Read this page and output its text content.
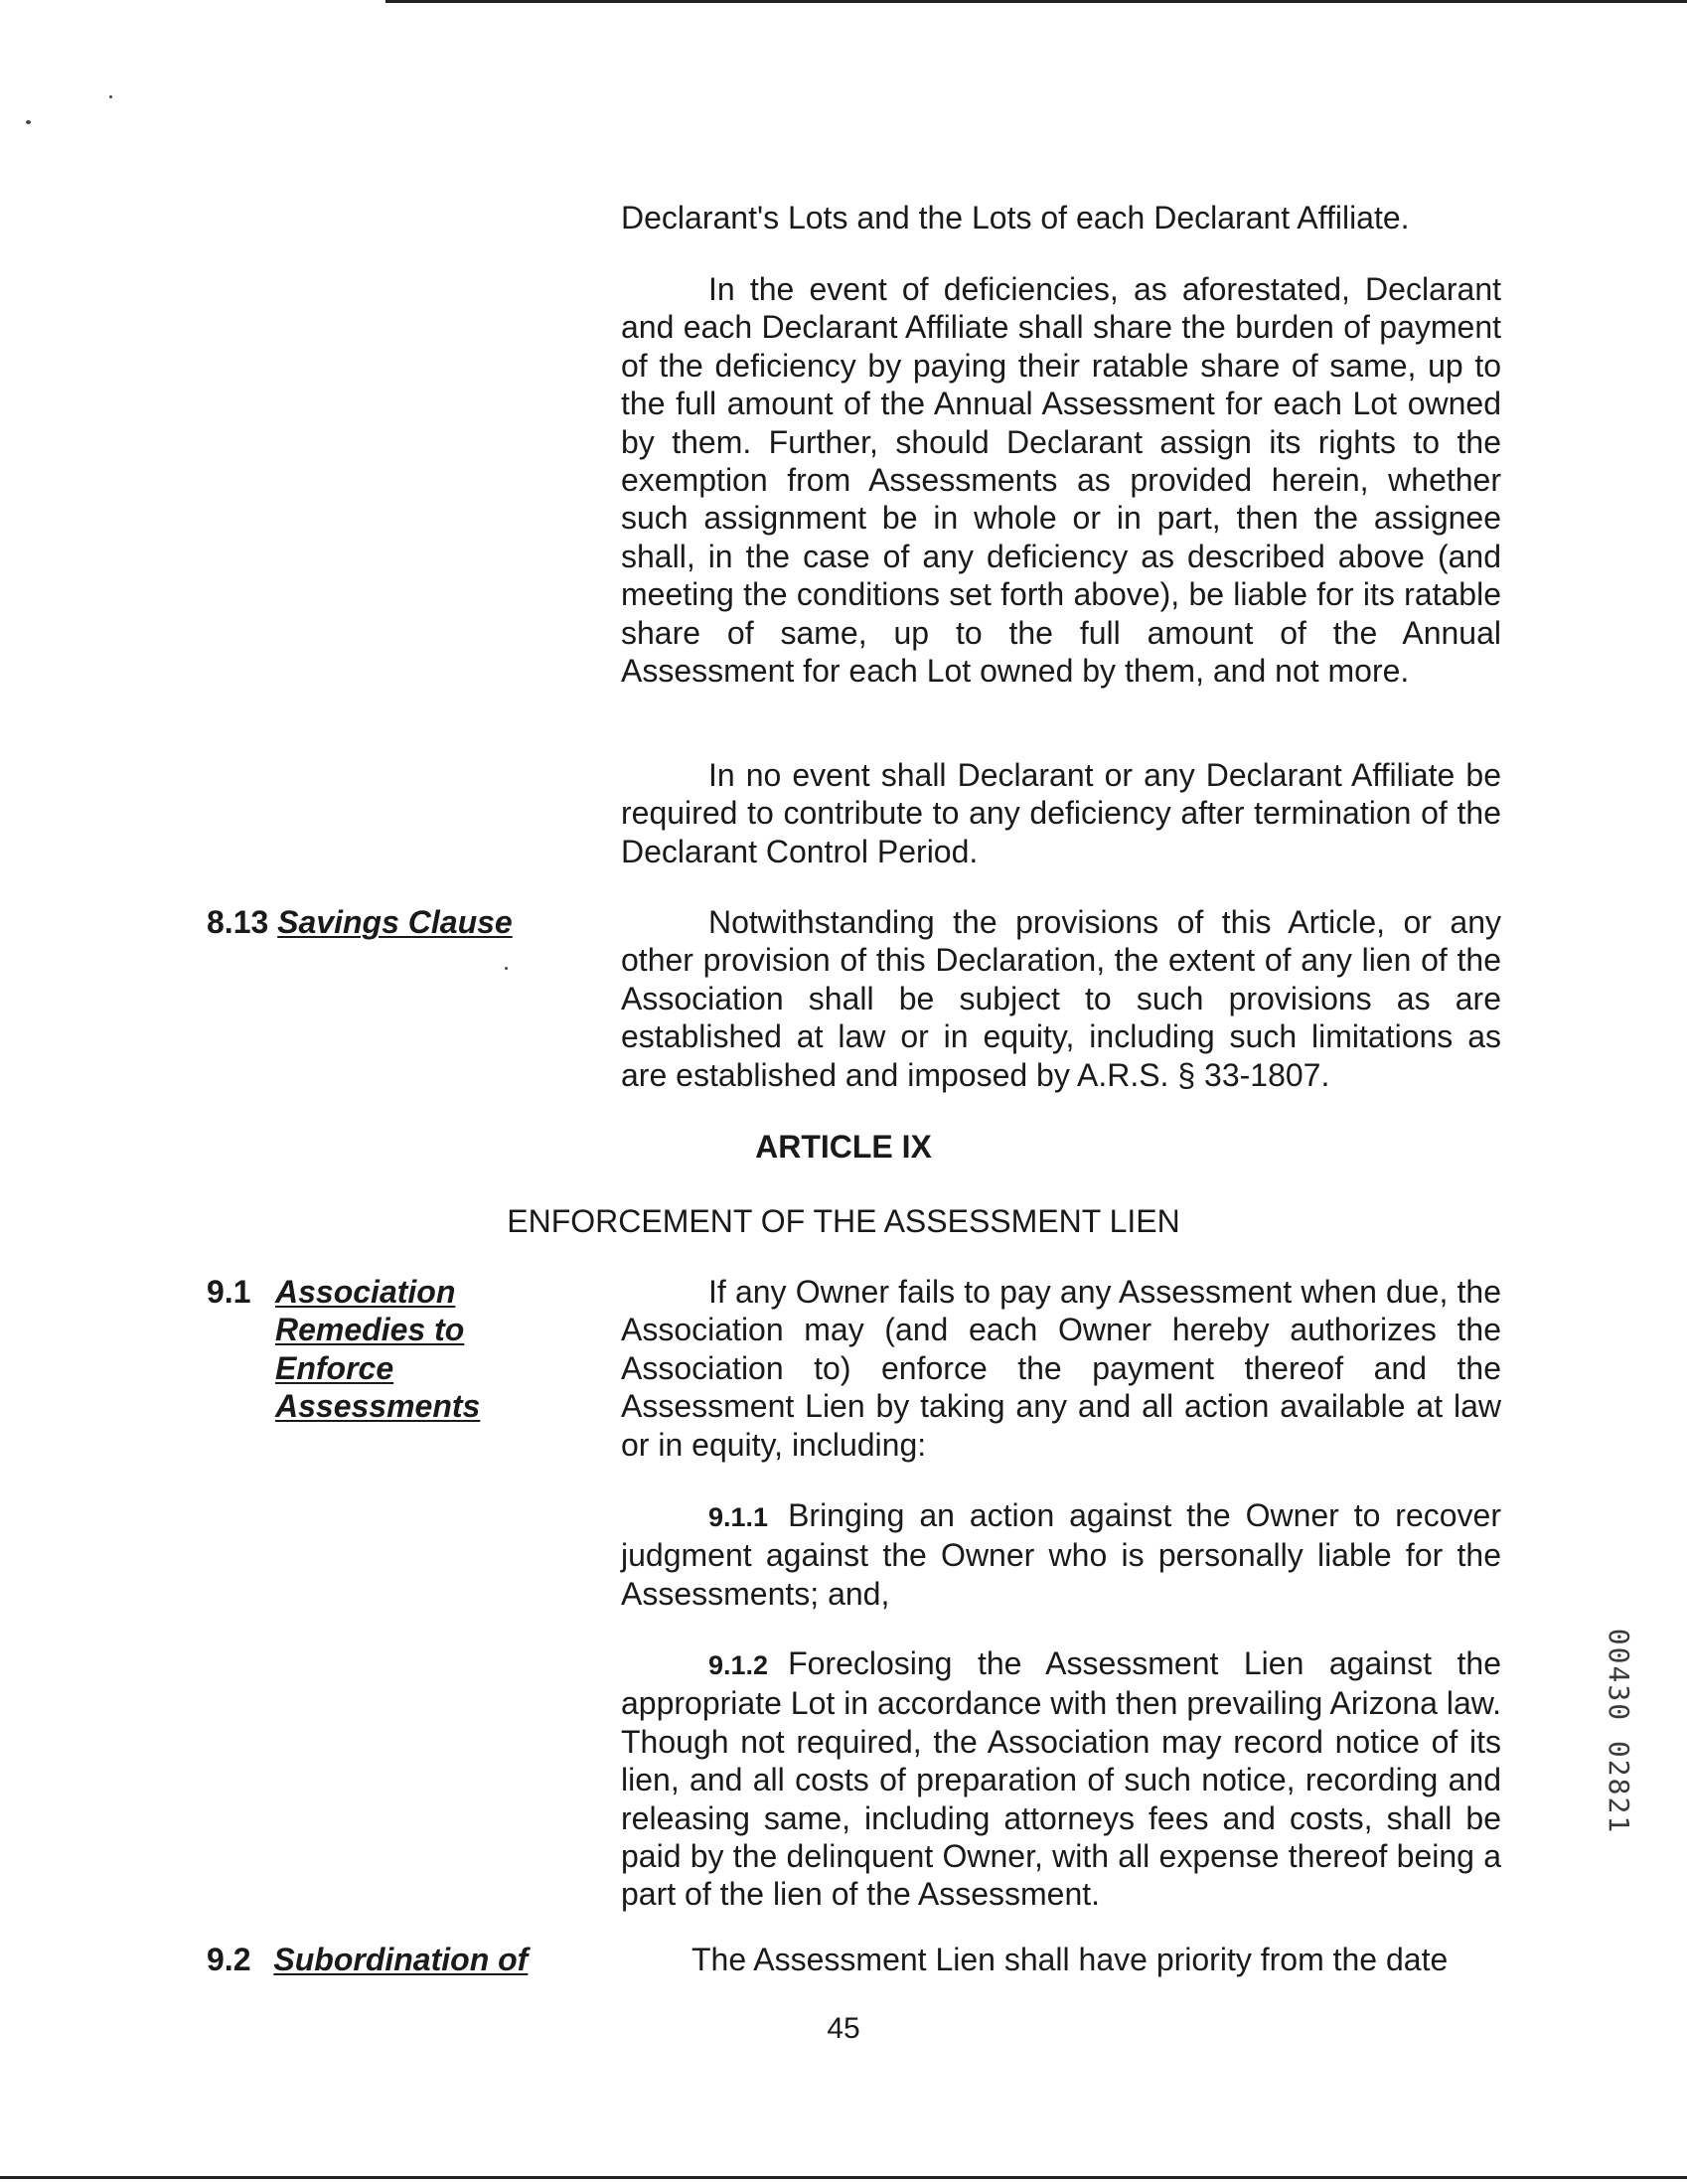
Declarant's Lots and the Lots of each Declarant Affiliate.
In the event of deficiencies, as aforestated, Declarant and each Declarant Affiliate shall share the burden of payment of the deficiency by paying their ratable share of same, up to the full amount of the Annual Assessment for each Lot owned by them. Further, should Declarant assign its rights to the exemption from Assessments as provided herein, whether such assignment be in whole or in part, then the assignee shall, in the case of any deficiency as described above (and meeting the conditions set forth above), be liable for its ratable share of same, up to the full amount of the Annual Assessment for each Lot owned by them, and not more.
In no event shall Declarant or any Declarant Affiliate be required to contribute to any deficiency after termination of the Declarant Control Period.
8.13 Savings Clause	Notwithstanding the provisions of this Article, or any other provision of this Declaration, the extent of any lien of the Association shall be subject to such provisions as are established at law or in equity, including such limitations as are established and imposed by A.R.S. § 33-1807.
ARTICLE IX
ENFORCEMENT OF THE ASSESSMENT LIEN
9.1 Association
Remedies to
Enforce
Assessments
If any Owner fails to pay any Assessment when due, the Association may (and each Owner hereby authorizes the Association to) enforce the payment thereof and the Assessment Lien by taking any and all action available at law or in equity, including:
9.1.1 Bringing an action against the Owner to recover judgment against the Owner who is personally liable for the Assessments; and,
9.1.2 Foreclosing the Assessment Lien against the appropriate Lot in accordance with then prevailing Arizona law. Though not required, the Association may record notice of its lien, and all costs of preparation of such notice, recording and releasing same, including attorneys fees and costs, shall be paid by the delinquent Owner, with all expense thereof being a part of the lien of the Assessment.
9.2 Subordination of	The Assessment Lien shall have priority from the date
45
00430 02821
